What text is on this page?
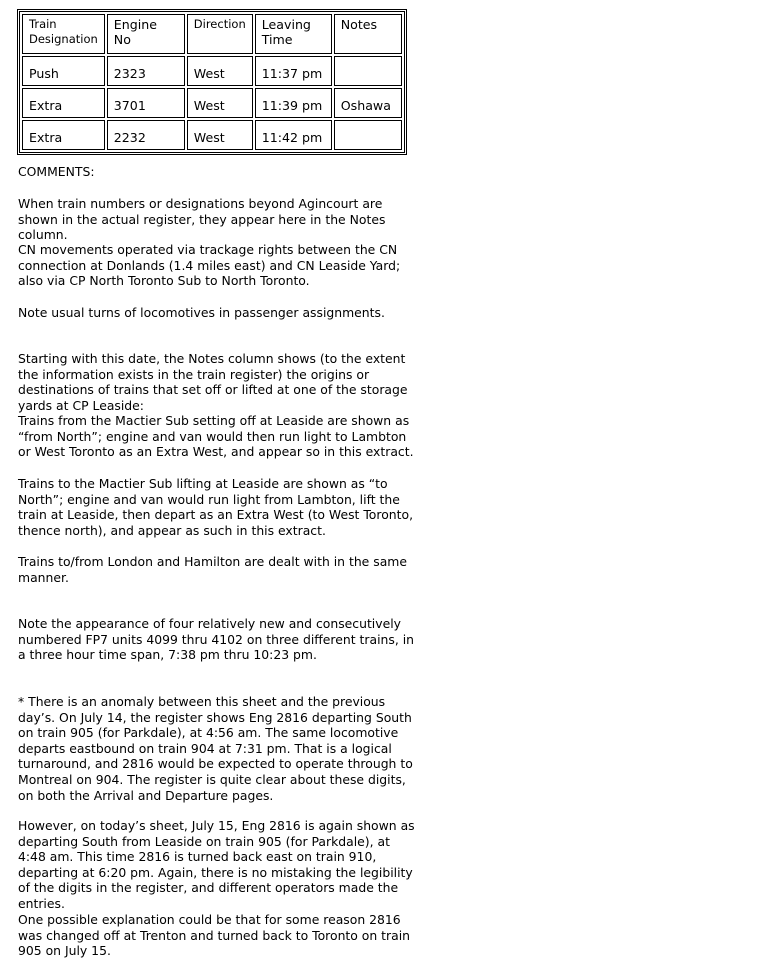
Train Designation	Engine No	Direction	Leaving Time	Notes
Push	2323	West	11:37 pm	
Extra	3701	West	11:39 pm	Oshawa
Extra	2232	West	11:42 pm	
COMMENTS:
When train numbers or designations beyond Agincourt are shown in the actual register, they appear here in the Notes column.
CN movements operated via trackage rights between the CN connection at Donlands (1.4 miles east) and CN Leaside Yard; also via CP North Toronto Sub to North Toronto.
Note usual turns of locomotives in passenger assignments.
Starting with this date, the Notes column shows (to the extent the information exists in the train register) the origins or destinations of trains that set off or lifted at one of the storage yards at CP Leaside:
Trains from the Mactier Sub setting off at Leaside are shown as “from North”; engine and van would then run light to Lambton or West Toronto as an Extra West, and appear so in this extract.
Trains to the Mactier Sub lifting at Leaside are shown as “to North”; engine and van would run light from Lambton, lift the train at Leaside, then depart as an Extra West (to West Toronto, thence north), and appear as such in this extract.
Trains to/from London and Hamilton are dealt with in the same manner.
Note the appearance of four relatively new and consecutively numbered FP7 units 4099 thru 4102 on three different trains, in a three hour time span, 7:38 pm thru 10:23 pm.
* There is an anomaly between this sheet and the previous day’s. On July 14, the register shows Eng 2816 departing South on train 905 (for Parkdale), at 4:56 am. The same locomotive departs eastbound on train 904 at 7:31 pm. That is a logical turnaround, and 2816 would be expected to operate through to Montreal on 904. The register is quite clear about these digits, on both the Arrival and Departure pages.
However, on today’s sheet, July 15, Eng 2816 is again shown as departing South from Leaside on train 905 (for Parkdale), at 4:48 am. This time 2816 is turned back east on train 910, departing at 6:20 pm. Again, there is no mistaking the legibility of the digits in the register, and different operators made the entries.
One possible explanation could be that for some reason 2816 was changed off at Trenton and turned back to Toronto on train 905 on July 15.
